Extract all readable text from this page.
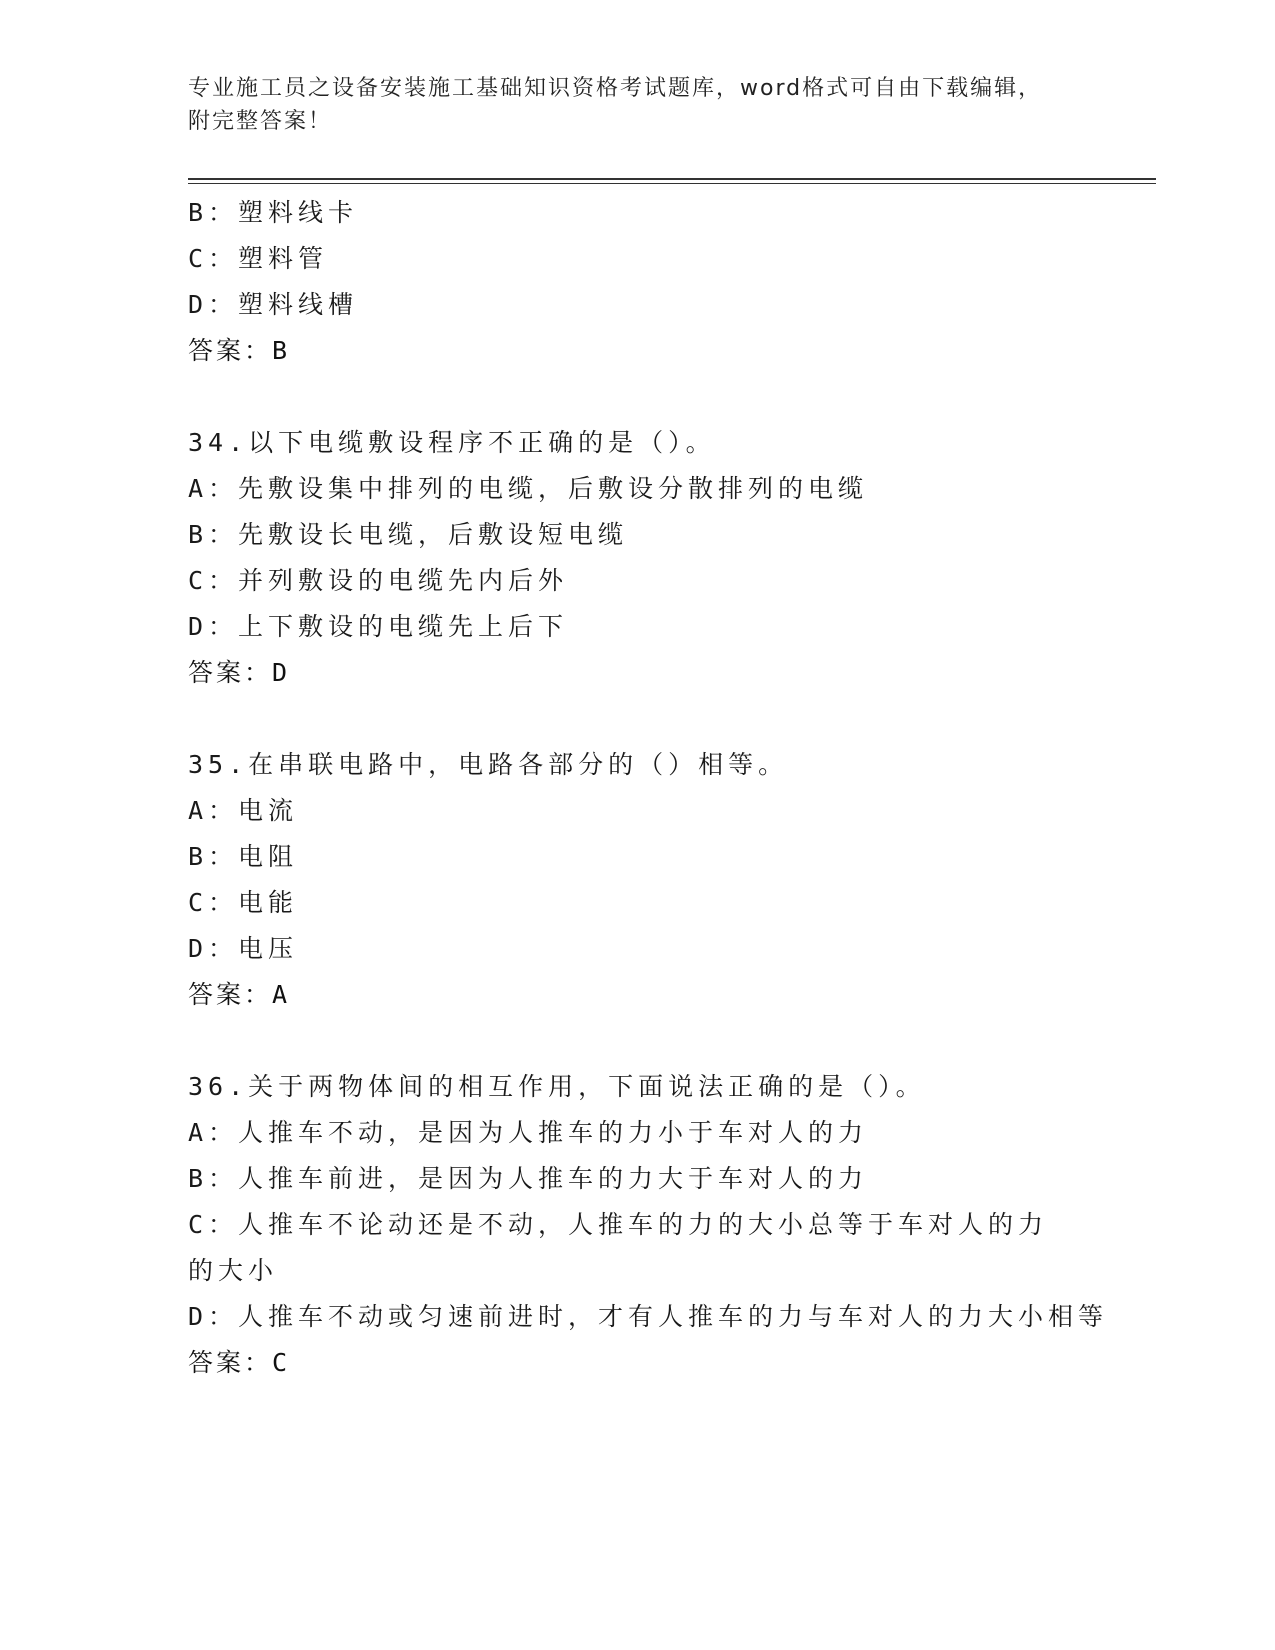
专业施工员之设备安装施工基础知识资格考试题库，word格式可自由下载编辑，
附完整答案！
B：塑料线卡
C：塑料管
D：塑料线槽
答案：B
34.以下电缆敷设程序不正确的是（）。
A：先敷设集中排列的电缆，后敷设分散排列的电缆
B：先敷设长电缆，后敷设短电缆
C：并列敷设的电缆先内后外
D：上下敷设的电缆先上后下
答案：D
35.在串联电路中，电路各部分的（）相等。
A：电流
B：电阻
C：电能
D：电压
答案：A
36.关于两物体间的相互作用，下面说法正确的是（）。
A：人推车不动，是因为人推车的力小于车对人的力
B：人推车前进，是因为人推车的力大于车对人的力
C：人推车不论动还是不动，人推车的力的大小总等于车对人的力的大小
D：人推车不动或匀速前进时，才有人推车的力与车对人的力大小相等
答案：C
